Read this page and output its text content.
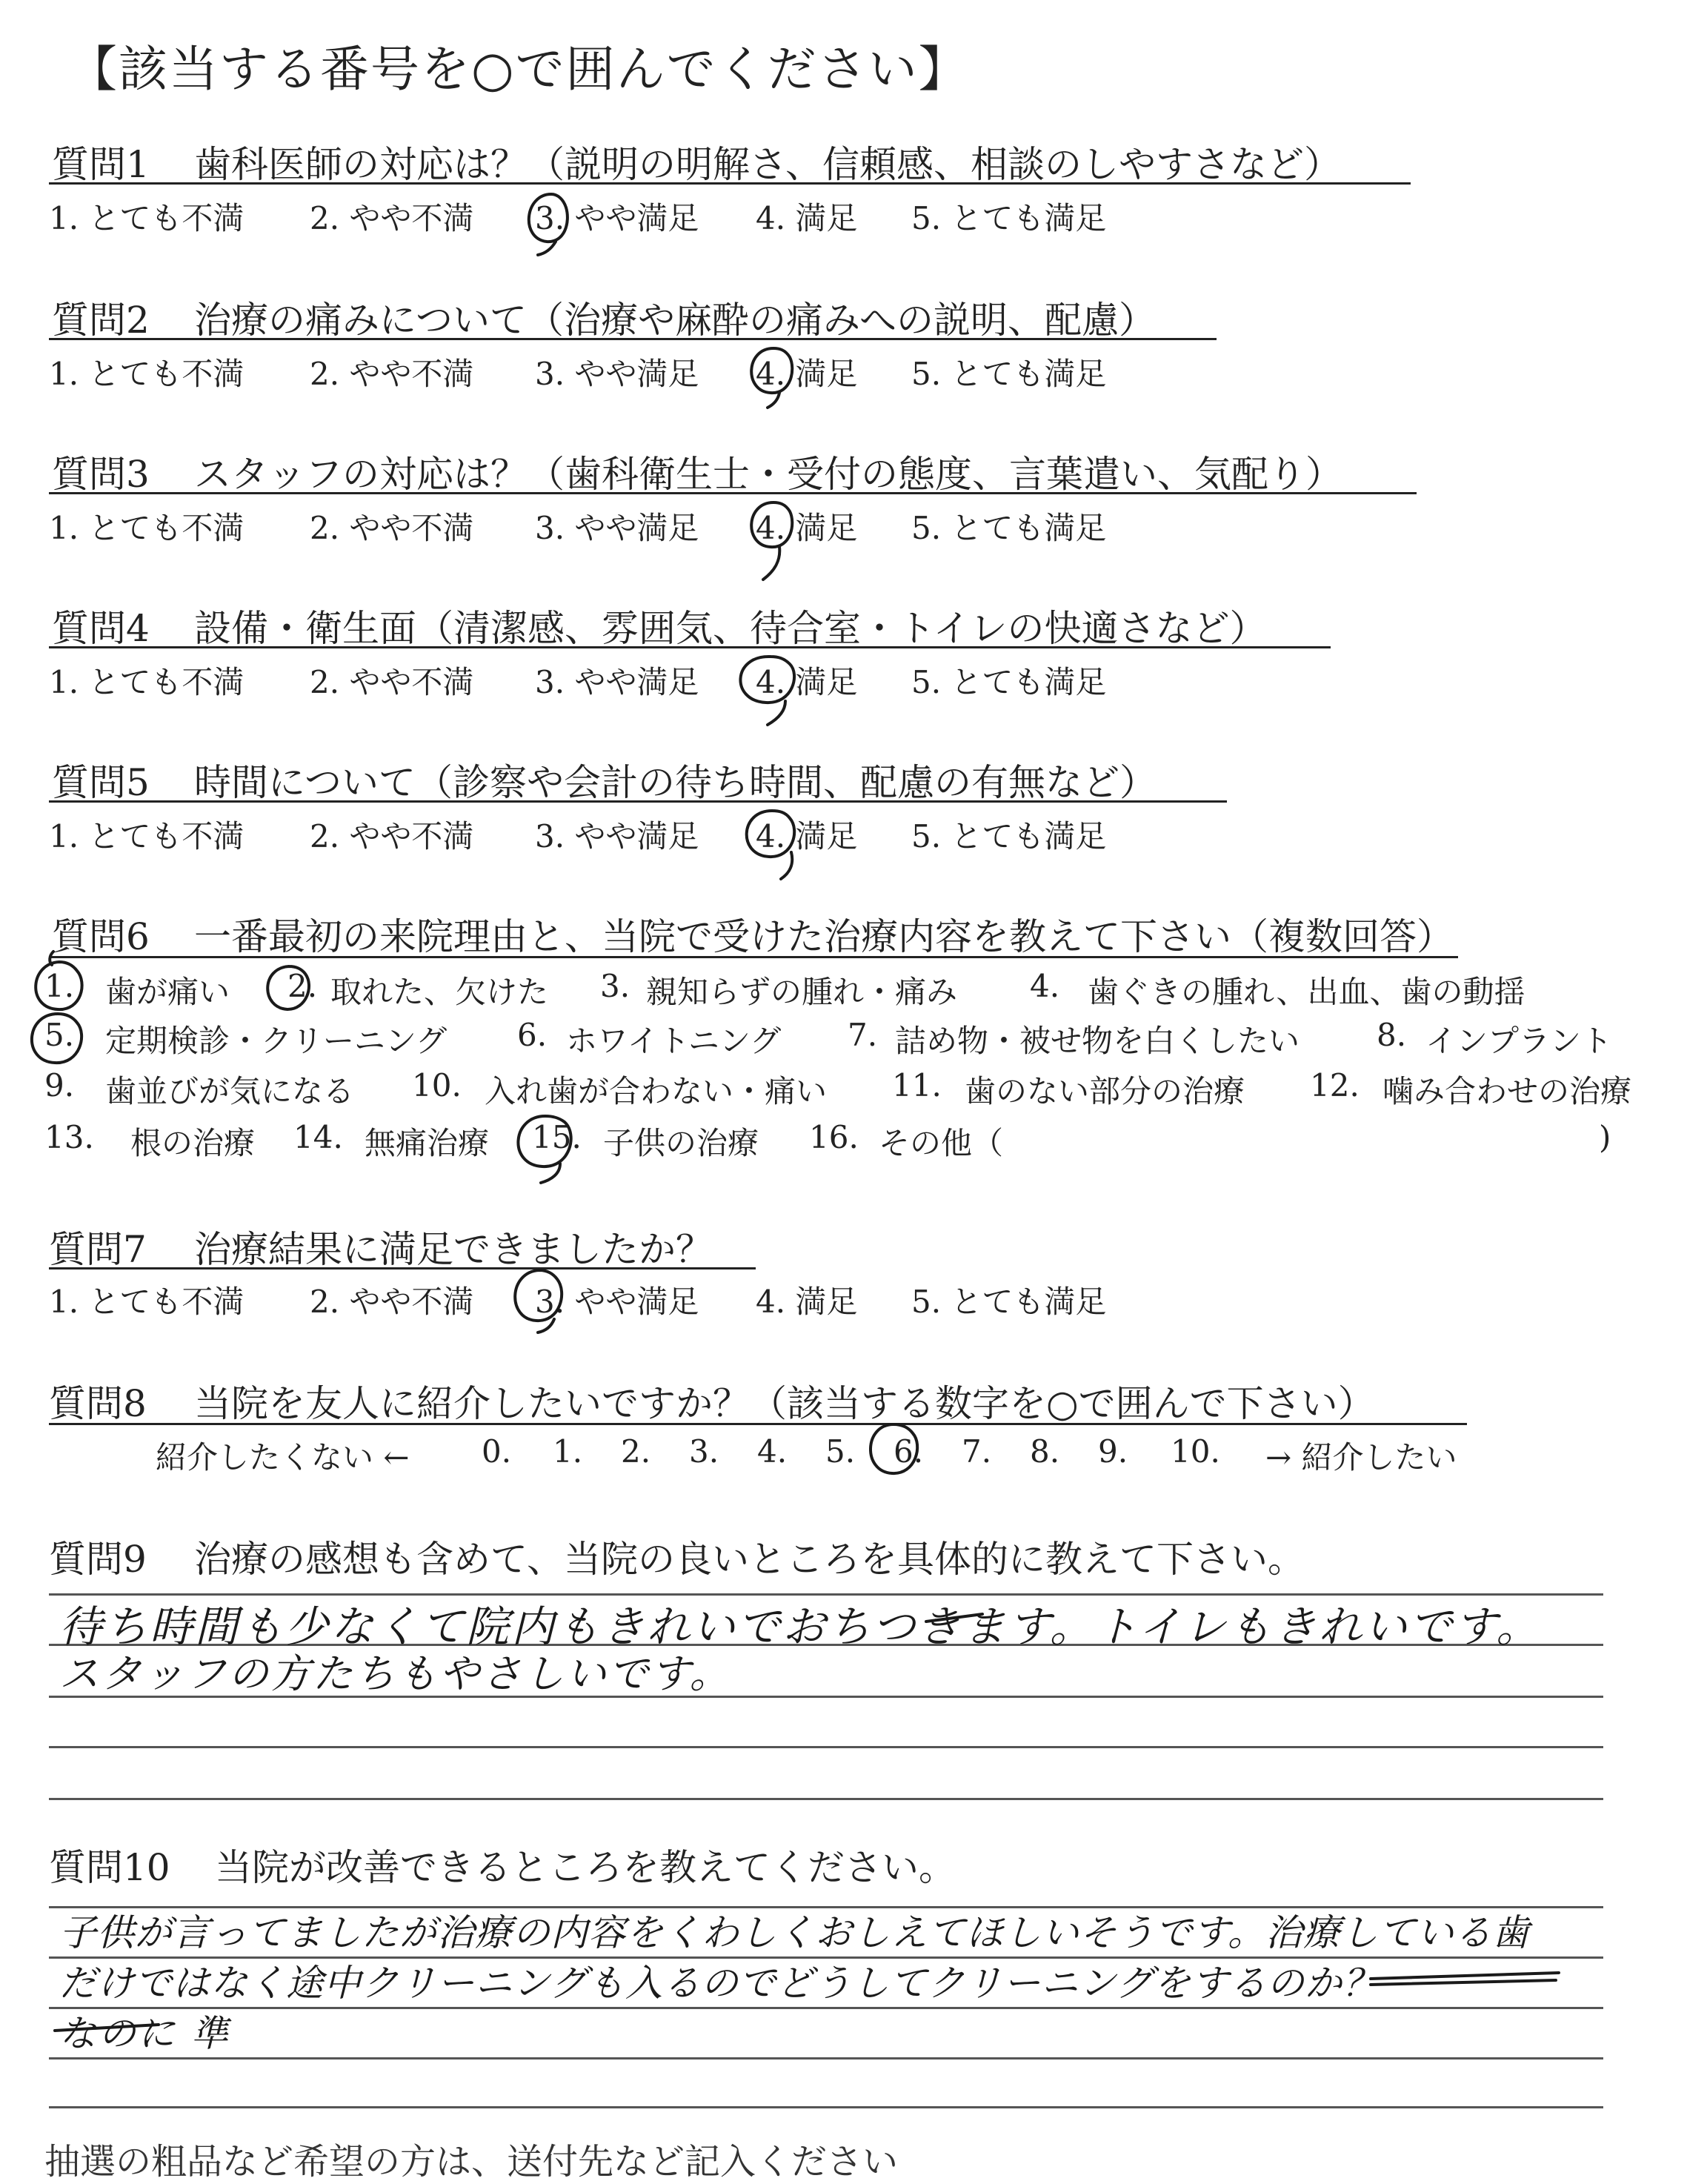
【該当する番号を○で囲んでください】
質問1 歯科医師の対応は？（説明の明解さ、信頼感、相談のしやすさなど）
1. とても不満 2. やや不満 3. やや満足 4. 満足 5. とても満足
質問2 治療の痛みについて（治療や麻酔の痛みへの説明、配慮）
1. とても不満 2. やや不満 3. やや満足 4. 満足 5. とても満足
質問3 スタッフの対応は？（歯科衛生士・受付の態度、言葉遣い、気配り）
1. とても不満 2. やや不満 3. やや満足 4. 満足 5. とても満足
質問4 設備・衛生面（清潔感、雰囲気、待合室・トイレの快適さなど）
1. とても不満 2. やや不満 3. やや満足 4. 満足 5. とても満足
質問5 時間について（診察や会計の待ち時間、配慮の有無など）
1. とても不満 2. やや不満 3. やや満足 4. 満足 5. とても満足
質問6 一番最初の来院理由と、当院で受けた治療内容を教えて下さい（複数回答）
1. 歯が痛い 2. 取れた、欠けた 3. 親知らずの腫れ・痛み 4. 歯ぐきの腫れ、出血、歯の動揺
5. 定期検診・クリーニング 6. ホワイトニング 7. 詰め物・被せ物を白くしたい 8. インプラント
9. 歯並びが気になる 10. 入れ歯が合わない・痛い 11. 歯のない部分の治療 12. 噛み合わせの治療
13. 根の治療 14. 無痛治療 15. 子供の治療 16. その他（	)
質問7 治療結果に満足できましたか？
1. とても不満 2. やや不満 3. やや満足 4. 満足 5. とても満足
質問8 当院を友人に紹介したいですか？（該当する数字を○で囲んで下さい）
紹介したくない ← 0. 1. 2. 3. 4. 5. 6. 7. 8. 9. 10. → 紹介したい
質問9 治療の感想も含めて、当院の良いところを具体的に教えて下さい。
待ち時間も少なくて院内もきれいでおちつきます。トイレもきれいです。
スタッフの方たちもやさしいです。
質問10 当院が改善できるところを教えてください。
子供が言ってましたが治療の内容をくわしくおしえてほしいそうです。治療している歯
だけではなく途中クリーニングも入るのでどうしてクリーニングをするのか？
なのに 準
抽選の粗品など希望の方は、送付先など記入ください
